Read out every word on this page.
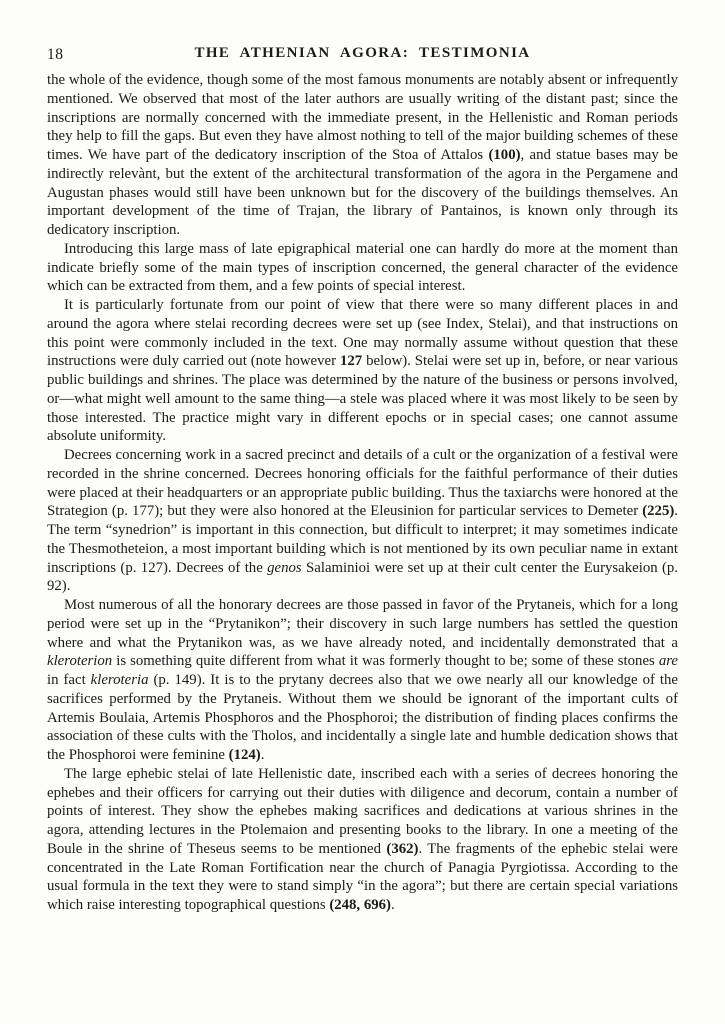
THE ATHENIAN AGORA: TESTIMONIA
18

the whole of the evidence, though some of the most famous monuments are notably absent or infrequently mentioned. We observed that most of the later authors are usually writing of the distant past; since the inscriptions are normally concerned with the immediate present, in the Hellenistic and Roman periods they help to fill the gaps. But even they have almost nothing to tell of the major building schemes of these times. We have part of the dedicatory inscription of the Stoa of Attalos (100), and statue bases may be indirectly relevànt, but the extent of the architectural transformation of the agora in the Pergamene and Augustan phases would still have been unknown but for the discovery of the buildings themselves. An important development of the time of Trajan, the library of Pantainos, is known only through its dedicatory inscription.

Introducing this large mass of late epigraphical material one can hardly do more at the moment than indicate briefly some of the main types of inscription concerned, the general character of the evidence which can be extracted from them, and a few points of special interest.

It is particularly fortunate from our point of view that there were so many different places in and around the agora where stelai recording decrees were set up (see Index, Stelai), and that instructions on this point were commonly included in the text. One may normally assume without question that these instructions were duly carried out (note however 127 below). Stelai were set up in, before, or near various public buildings and shrines. The place was determined by the nature of the business or persons involved, or—what might well amount to the same thing—a stele was placed where it was most likely to be seen by those interested. The practice might vary in different epochs or in special cases; one cannot assume absolute uniformity.

Decrees concerning work in a sacred precinct and details of a cult or the organization of a festival were recorded in the shrine concerned. Decrees honoring officials for the faithful performance of their duties were placed at their headquarters or an appropriate public building. Thus the taxiarchs were honored at the Strategion (p. 177); but they were also honored at the Eleusinion for particular services to Demeter (225). The term “synedrion” is important in this connection, but difficult to interpret; it may sometimes indicate the Thesmotheteion, a most important building which is not mentioned by its own peculiar name in extant inscriptions (p. 127). Decrees of the genos Salaminioi were set up at their cult center the Eurysakeion (p. 92).

Most numerous of all the honorary decrees are those passed in favor of the Prytaneis, which for a long period were set up in the “Prytanikon”; their discovery in such large numbers has settled the question where and what the Prytanikon was, as we have already noted, and incidentally demonstrated that a kleroterion is something quite different from what it was formerly thought to be; some of these stones are in fact kleroteria (p. 149). It is to the prytany decrees also that we owe nearly all our knowledge of the sacrifices performed by the Prytaneis. Without them we should be ignorant of the important cults of Artemis Boulaia, Artemis Phosphoros and the Phosphoroi; the distribution of finding places confirms the association of these cults with the Tholos, and incidentally a single late and humble dedication shows that the Phosphoroi were feminine (124).

The large ephebic stelai of late Hellenistic date, inscribed each with a series of decrees honoring the ephebes and their officers for carrying out their duties with diligence and decorum, contain a number of points of interest. They show the ephebes making sacrifices and dedications at various shrines in the agora, attending lectures in the Ptolemaion and presenting books to the library. In one a meeting of the Boule in the shrine of Theseus seems to be mentioned (362). The fragments of the ephebic stelai were concentrated in the Late Roman Fortification near the church of Panagia Pyrgiotissa. According to the usual formula in the text they were to stand simply “in the agora”; but there are certain special variations which raise interesting topographical questions (248, 696).
